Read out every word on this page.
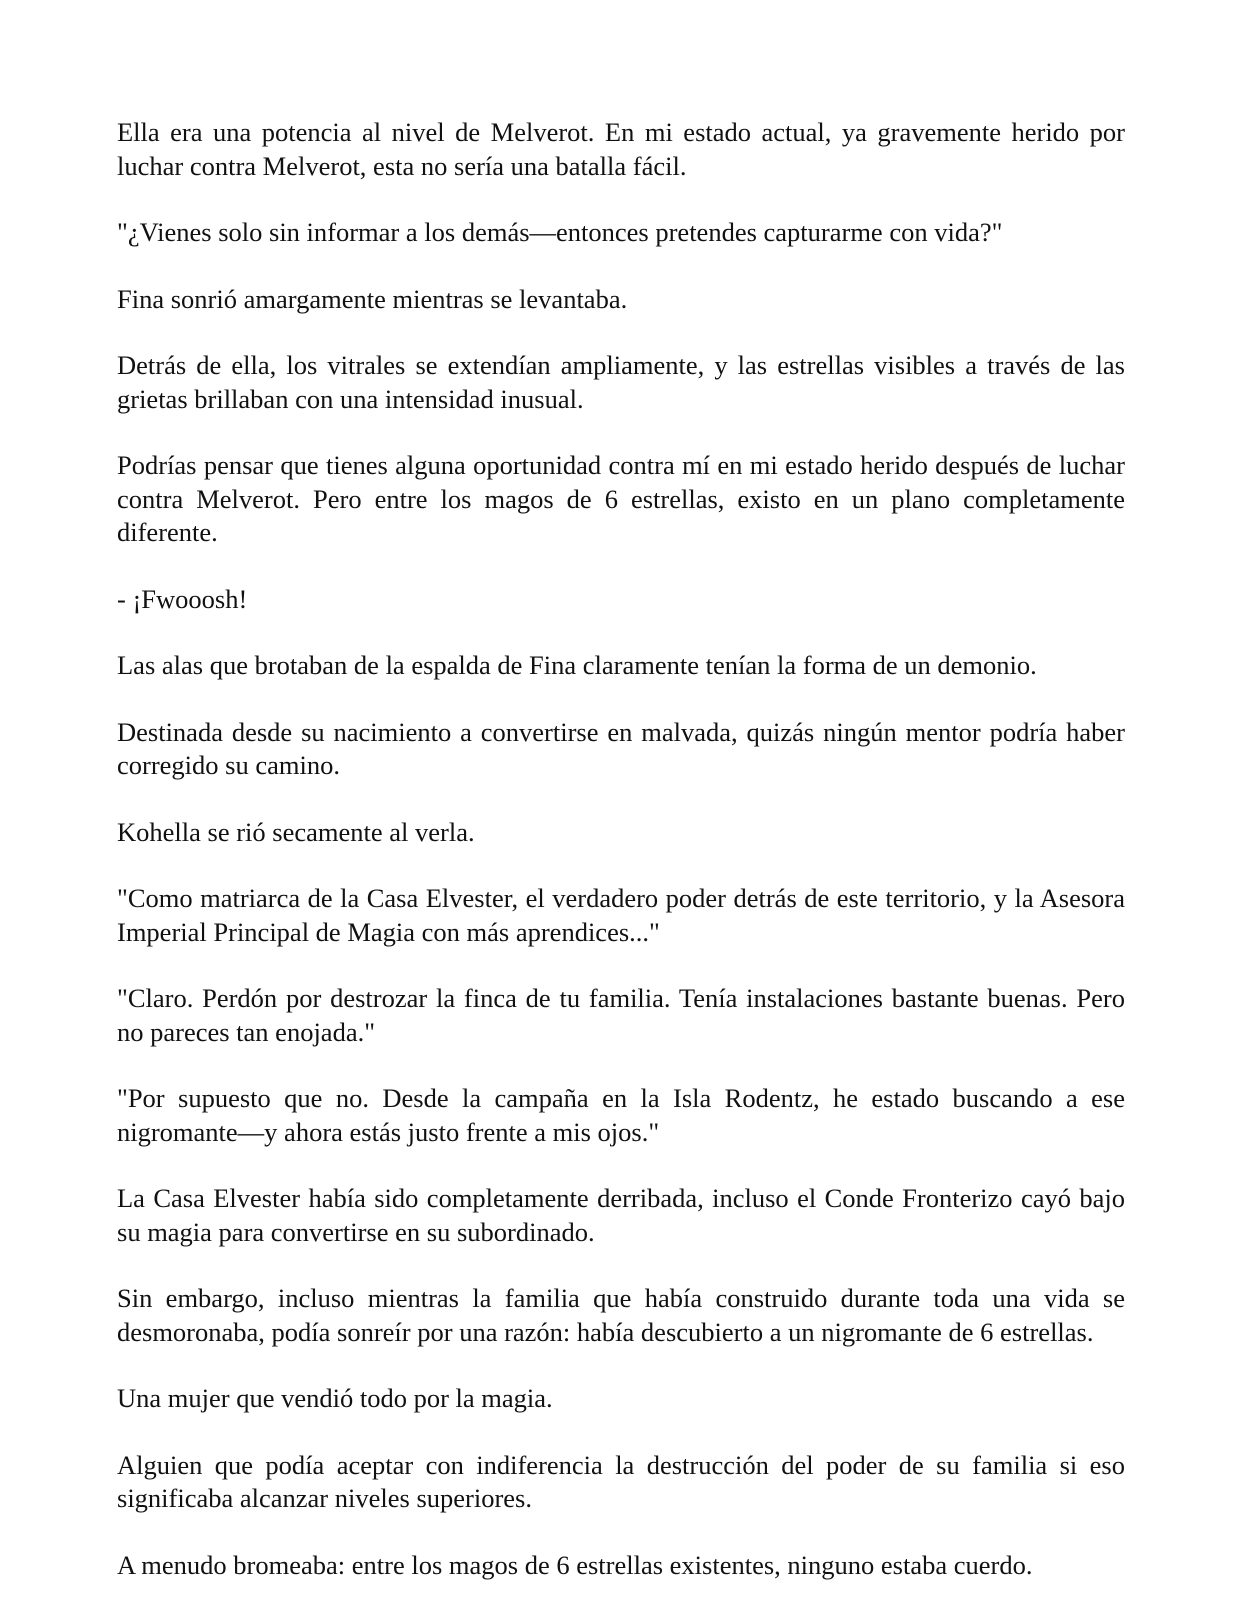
Ella era una potencia al nivel de Melverot. En mi estado actual, ya gravemente herido por luchar contra Melverot, esta no sería una batalla fácil.

"¿Vienes solo sin informar a los demás—entonces pretendes capturarme con vida?"

Fina sonrió amargamente mientras se levantaba.

Detrás de ella, los vitrales se extendían ampliamente, y las estrellas visibles a través de las grietas brillaban con una intensidad inusual.

Podrías pensar que tienes alguna oportunidad contra mí en mi estado herido después de luchar contra Melverot. Pero entre los magos de 6 estrellas, existo en un plano completamente diferente.

- ¡Fwooosh!

Las alas que brotaban de la espalda de Fina claramente tenían la forma de un demonio.

Destinada desde su nacimiento a convertirse en malvada, quizás ningún mentor podría haber corregido su camino.

Kohella se rió secamente al verla.

"Como matriarca de la Casa Elvester, el verdadero poder detrás de este territorio, y la Asesora Imperial Principal de Magia con más aprendices..."

"Claro. Perdón por destrozar la finca de tu familia. Tenía instalaciones bastante buenas. Pero no pareces tan enojada."

"Por supuesto que no. Desde la campaña en la Isla Rodentz, he estado buscando a ese nigromante—y ahora estás justo frente a mis ojos."

La Casa Elvester había sido completamente derribada, incluso el Conde Fronterizo cayó bajo su magia para convertirse en su subordinado.

Sin embargo, incluso mientras la familia que había construido durante toda una vida se desmoronaba, podía sonreír por una razón: había descubierto a un nigromante de 6 estrellas.

Una mujer que vendió todo por la magia.

Alguien que podía aceptar con indiferencia la destrucción del poder de su familia si eso significaba alcanzar niveles superiores.

A menudo bromeaba: entre los magos de 6 estrellas existentes, ninguno estaba cuerdo.
